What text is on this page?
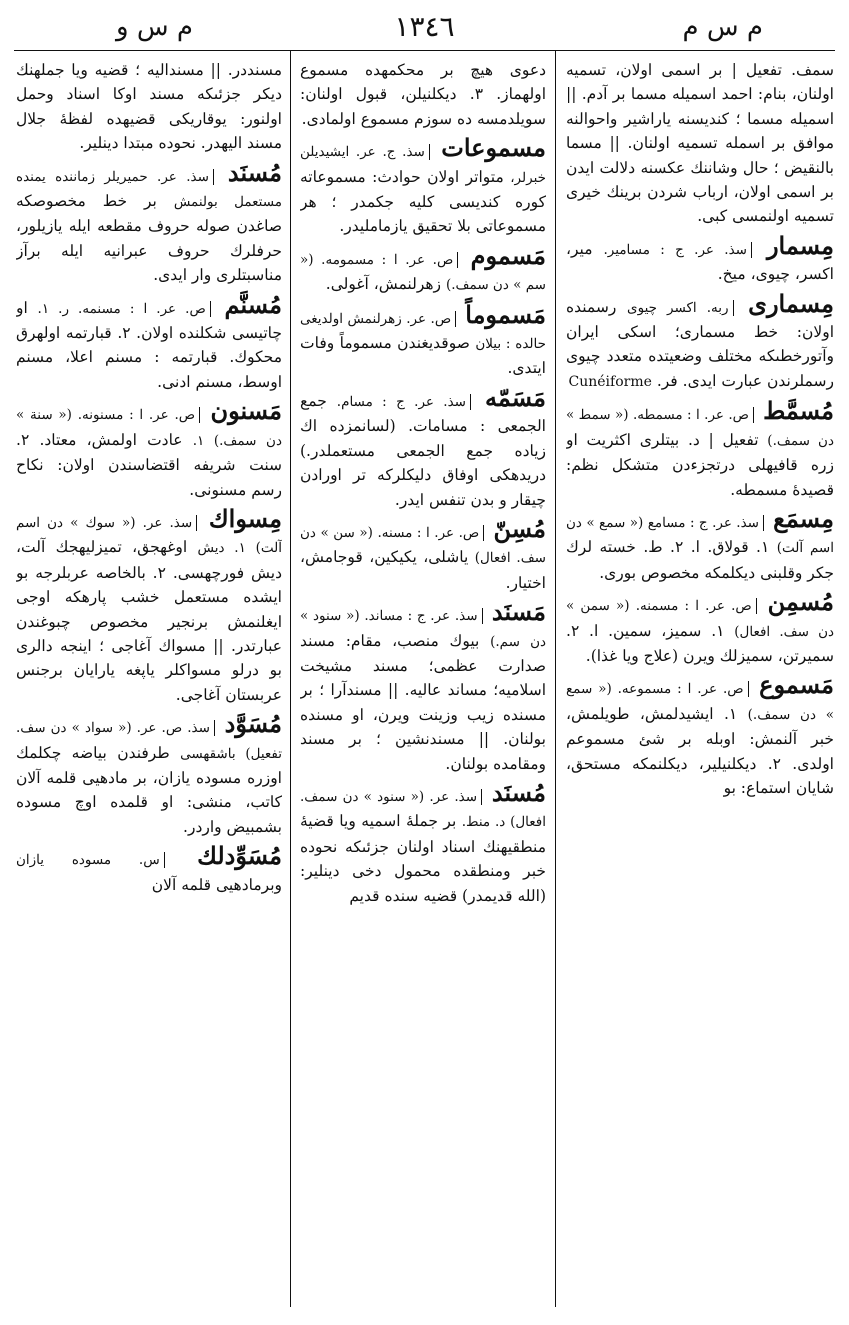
م س م
١٣٤٦
م س و

سمف. تفعيل | بر اسمى اولان، تسميه اولنان، بنام: احمد اسميله مسما بر آدم. || اسميله مسما ؛ كنديسنه ياراشير واحوالنه موافق بر اسمله تسميه اولنان. || مسما بالنقيض ؛ حال وشاننك عكسنه دلالت ايدن بر اسمى اولان، ارباب شردن برينك خيرى تسميه اولنمسى كبى.

مِسمار سذ. عر. ج : مسامير. مير، اكسر، چيوى، ميخ.

مِسمارى ربه. اكسر چيوى رسمنده اولان: خط مسمارى؛ اسكى ايران وآتورخطىكه مختلف وضعيتده متعدد چيوى رسملرندن عبارت ايدى. فر. Cunéiforme

مُسمَّط ص. عر. ا : مسمطه. (« سمط » دن سمف.) تفعيل | د. بيتلرى اكثريت او زره قافيهلى درتجزءدن متشكل نظم: قصيدۀ مسمطه.

مِسمَع سذ. عر. ج : مسامع (« سمع » دن اسم آلت) ١. قولاق. ا. ٢. ط. خسته لرك جكر وقلبنى ديكلمكه مخصوص بورى.

مُسمِن ص. عر. ا : مسمنه. (« سمن » دن سف. افعال) ١. سميز، سمين. ا. ٢. سميرتن، سميزلك ويرن (علاج ويا غذا).

مَسموع ص. عر. ا : مسموعه. (« سمع » دن سمف.) ١. ايشيدلمش، طويلمش، خبر آلنمش: اوبله بر شئ مسموعم اولدى. ٢. ديكلنيلير، ديكلنمكه مستحق، شايان استماع: بو

دعوى هيچ بر محكمهده مسموع اولهماز. ٣. ديكلنيلن، قبول اولنان: سويلدمسه ده سوزم مسموع اولمادى.

مسموعات سذ. ج. عر. ايشيديلن خبرلر، متواتر اولان حوادث: مسموعاته كوره كنديسى كليه جكمدر ؛ هر مسموعاتى بلا تحقيق يازمامليدر.

مَسموم ص. عر. ا : مسمومه. (« سم » دن سمف.) زهرلنمش، آغولى.

مَسموماً ص. عر. زهرلنمش اولديغى حالده : بيلان صوقديغندن مسموماً وفات ايتدى.

مَسَمّه سذ. عر. ج : مسام. جمع الجمعى : مسامات. (لسانمزده اك زياده جمع الجمعى مستعملدر.) دريدهكى اوفاق دليكلركه تر اورادن چيقار و بدن تنفس ايدر.

مُسِنّ ص. عر. ا : مسنه. (« سن » دن سف. افعال) ياشلى، يكيكين، قوجامش، اختيار.

مَسنَد سذ. عر. ج : مساند. (« سنود » دن سم.) بيوك منصب، مقام: مسند صدارت عظمى؛ مسند مشيخت اسلاميه؛ مساند عاليه. || مسندآرا ؛ بر مسنده زيب وزينت ويرن، او مسنده بولنان. || مسندنشين ؛ بر مسند ومقامده بولنان.

مُسنَد سذ. عر. (« سنود » دن سمف. افعال) د. منط. بر جملۀ اسميه ويا قضيۀ منطقيهنك اسناد اولنان جزئىكه نحوده خبر ومنطقده محمول دخى دينلير: (الله قديمدر) قضيه سنده قديم

مسنددر. || مسنداليه ؛ قضيه ويا جملهنك ديكر جزئىكه مسند اوكا اسناد وحمل اولنور: يوقاريكى قضيهده لفظۀ جلال مسند اليهدر. نحوده مبتدا دينلير.

مُسنَد سذ. عر. حميريلر زماننده يمنده مستعمل بولنمش بر خط مخصوصكه صاغدن صوله حروف مقطعه ايله يازيلور، حرفلرك حروف عبرانيه ايله برآز مناسبتلرى وار ايدى.

مُسنَّم ص. عر. ا : مسنمه. ر. ١. او چاتيسى شكلنده اولان. ٢. قبارتمه اولهرق محكوك. قبارتمه : مسنم اعلا، مسنم اوسط، مسنم ادنى.

مَسنون ص. عر. ا : مسنونه. (« سنة » دن سمف.) ١. عادت اولمش، معتاد. ٢. سنت شريفه اقتضاسندن اولان: نكاح رسم مسنونى.

مِسواك سذ. عر. (« سوك » دن اسم آلت) ١. ديش اوغهجق، تميزليهجك آلت، ديش فورچهسى. ٢. بالخاصه عربلرجه بو ايشده مستعمل خشب پارهكه اوجى ايغلنمش برنجير مخصوص چبوغندن عبارتدر. || مسواك آغاجى ؛ اينجه دالرى بو درلو مسواكلر ياپغه يارايان برجنس عربستان آغاجى.

مُسَوَّد سذ. ص. عر. (« سواد » دن سف. تفعيل) باشقهسى طرفندن بياضه چكلمك اوزره مسوده يازان، بر مادهيى قلمه آلان كاتب، منشى: او قلمده اوچ مسوده بشمبيض واردر.

مُسَوِّدلك س. مسوده يازان وبرمادهيى قلمه آلان
